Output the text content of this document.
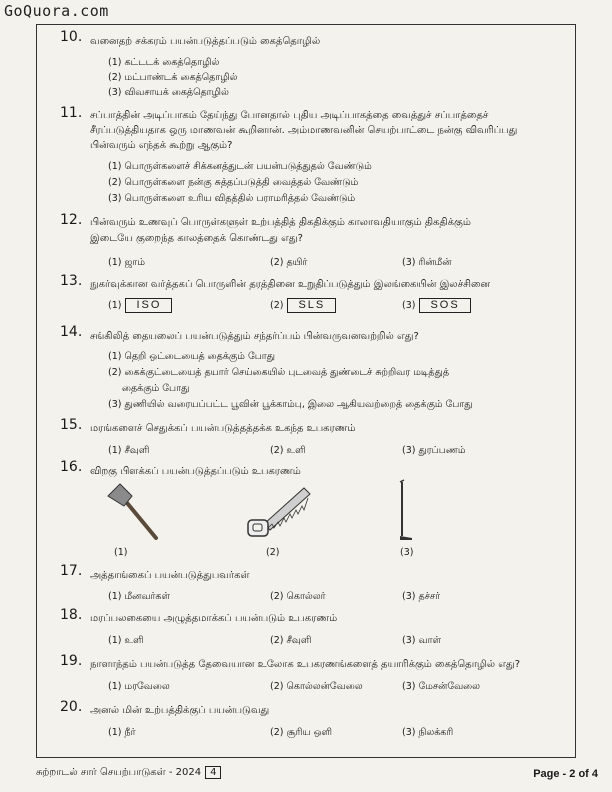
GoQuora.com
10. வனைதற் சக்கரம் பயன்படுத்தப்படும் கைத்தொழில்
(1) கட்டடக் கைத்தொழில்
(2) மட்பாண்டக் கைத்தொழில்
(3) விவசாயக் கைத்தொழில்
11. சப்பாத்தின் அடிப்பாகம் தேய்ந்து போனதால் புதிய அடிப்பாகத்தை வைத்துச் சப்பாத்தைச்
சீரப்படுத்தியதாக ஒரு மாணவன் கூறினான். அம்மாணவனின் செயற்பாட்டை நன்கு விவரிப்பது
பின்வரும் எந்தக் கூற்று ஆகும்?
(1) பொருள்களைச் சிக்கனத்துடன் பயன்படுத்துதல் வேண்டும்
(2) பொருள்களை நன்கு சுத்தப்படுத்தி வைத்தல் வேண்டும்
(3) பொருள்களை உரிய விதத்தில் பராமரித்தல் வேண்டும்
12. பின்வரும் உணவுப் பொருள்களுள் உற்பத்தித் திகதிக்கும் காலாவதியாகும் திகதிக்கும்
இடையே குறைந்த காலத்தைக் கொண்டது எது?
(1) ஜாம்	(2) தயிர்	(3) ரின்மீன்
13. நுகர்வுக்கான வர்த்தகப் பொருளின் தரத்தினை உறுதிப்படுத்தும் இலங்கையின் இலச்சினை
(1) ISO	(2) SLS	(3) SOS
14. சங்கிலித் தையலைப் பயன்படுத்தும் சந்தர்ப்பம் பின்வருவனவற்றில் எது?
(1) தெறி ஒட்டையைத் தைக்கும் போது
(2) கைக்குட்டையைத் தயார் செய்கையில் புடவைத் துண்டைச் சுற்றிவர மடித்துத்
தைக்கும் போது
(3) துணியில் வரையப்பட்ட பூவின் பூக்காம்பு, இலை ஆகியவற்றைத் தைக்கும் போது
15. மரங்களைச் செதுக்கப் பயன்படுத்தத்தக்க உகந்த உபகரணம்
(1) சீவுளி	(2) உளி	(3) துரப்பணம்
16. விறகு பிளக்கப் பயன்படுத்தப்படும் உபகரணம்
(1)	(2)	(3)
17. அத்தாங்கைப் பயன்படுத்துபவர்கள்
(1) மீனவர்கள்	(2) கொல்லர்	(3) தச்சர்
18. மரப்பலகையை அழுத்தமாக்கப் பயன்படும் உபகரணம்
(1) உளி	(2) சீவுளி	(3) வாள்
19. நாளாந்தம் பயன்படுத்த தேவையான உலோக உபகரணங்களைத் தயாரிக்கும் கைத்தொழில் எது?
(1) மரவேலை	(2) கொல்லன்வேலை	(3) மேசன்வேலை
20. அனல் மின் உற்பத்திக்குப் பயன்படுவது
(1) நீர்	(2) சூரிய ஒளி	(3) நிலக்கரி
சுற்றாடல் சார் செயற்பாடுகள் - 2024 4	Page - 2 of 4
